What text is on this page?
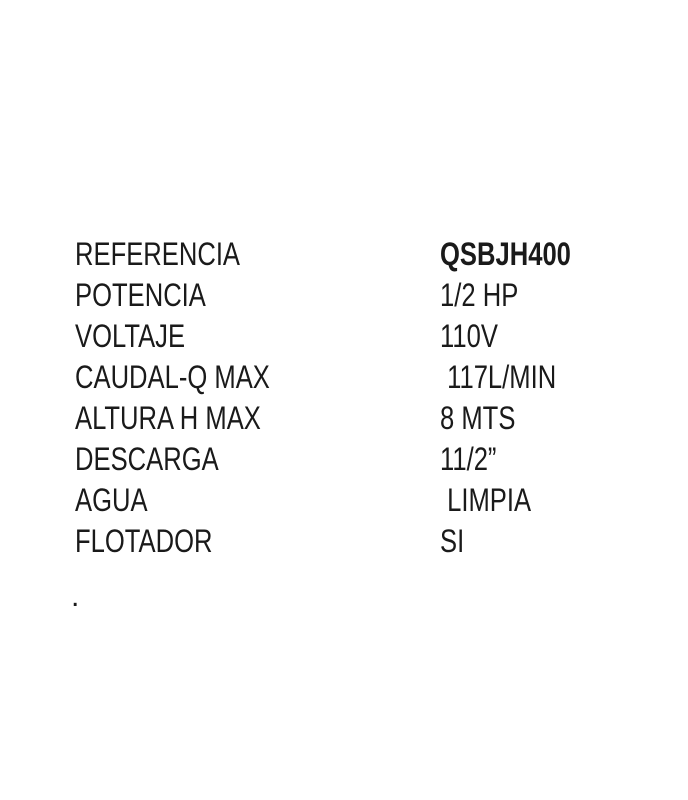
REFERENCIA	QSBJH400
POTENCIA	1/2 HP
VOLTAJE	110V
CAUDAL-Q MAX	117L/MIN
ALTURA H MAX	8 MTS
DESCARGA	11/2”
AGUA	LIMPIA
FLOTADOR	SI
.
